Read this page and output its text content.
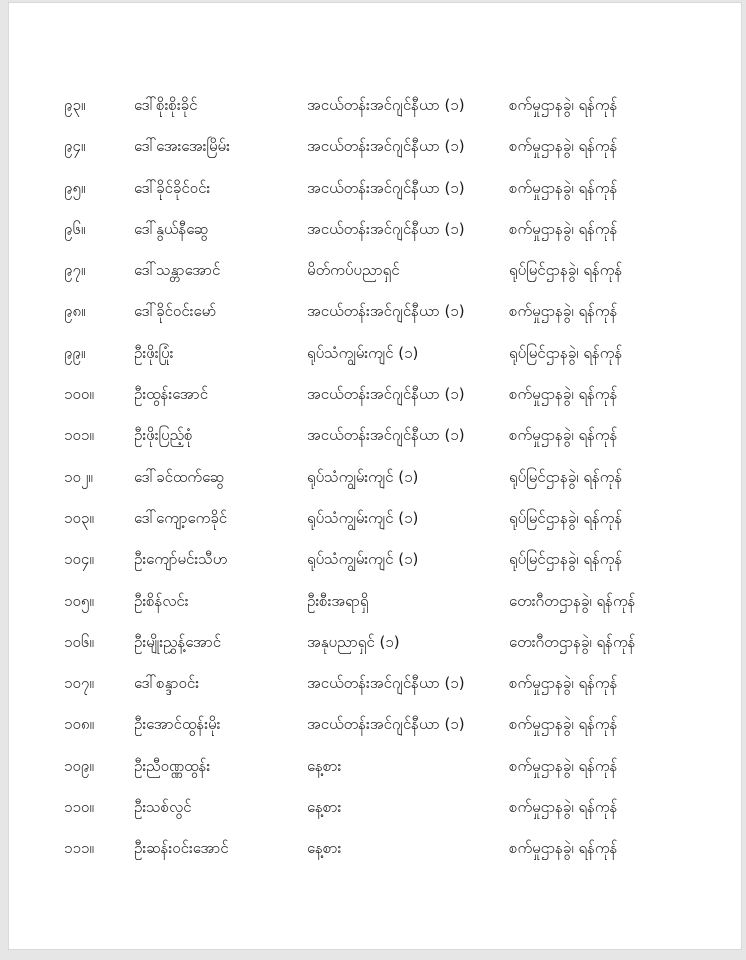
၉၃။	ဒေါ်စိုးစိုးခိုင်	အငယ်တန်းအင်ဂျင်နီယာ (၁)	စက်မှုဌာနခွဲ၊ ရန်ကုန်
၉၄။	ဒေါ်အေးအေးမြိမ်း	အငယ်တန်းအင်ဂျင်နီယာ (၁)	စက်မှုဌာနခွဲ၊ ရန်ကုန်
၉၅။	ဒေါ်ခိုင်ခိုင်ဝင်း	အငယ်တန်းအင်ဂျင်နီယာ (၁)	စက်မှုဌာနခွဲ၊ ရန်ကုန်
၉၆။	ဒေါ်နွယ်နီဆွေ	အငယ်တန်းအင်ဂျင်နီယာ (၁)	စက်မှုဌာနခွဲ၊ ရန်ကုန်
၉၇။	ဒေါ်သန္တာအောင်	မိတ်ကပ်ပညာရှင်	ရုပ်မြင်ဌာနခွဲ၊ ရန်ကုန်
၉၈။	ဒေါ်ခိုင်ဝင်းမော်	အငယ်တန်းအင်ဂျင်နီယာ (၁)	စက်မှုဌာနခွဲ၊ ရန်ကုန်
၉၉။	ဦးဖိုးပြုံး	ရုပ်သံကျွမ်းကျင် (၁)	ရုပ်မြင်ဌာနခွဲ၊ ရန်ကုန်
၁၀၀။	ဦးထွန်းအောင်	အငယ်တန်းအင်ဂျင်နီယာ (၁)	စက်မှုဌာနခွဲ၊ ရန်ကုန်
၁၀၁။	ဦးဖိုးပြည့်စုံ	အငယ်တန်းအင်ဂျင်နီယာ (၁)	စက်မှုဌာနခွဲ၊ ရန်ကုန်
၁၀၂။	ဒေါ်ခင်ထက်ဆွေ	ရုပ်သံကျွမ်းကျင် (၁)	ရုပ်မြင်ဌာနခွဲ၊ ရန်ကုန်
၁၀၃။	ဒေါ်ကျော့ကေခိုင်	ရုပ်သံကျွမ်းကျင် (၁)	ရုပ်မြင်ဌာနခွဲ၊ ရန်ကုန်
၁၀၄။	ဦးကျော်မင်းသီဟ	ရုပ်သံကျွမ်းကျင် (၁)	ရုပ်မြင်ဌာနခွဲ၊ ရန်ကုန်
၁၀၅။	ဦးစိန်လင်း	ဦးစီးအရာရှိ	တေးဂီတဌာနခွဲ၊ ရန်ကုန်
၁၀၆။	ဦးမျိုးညွှန့်အောင်	အနုပညာရှင် (၁)	တေးဂီတဌာနခွဲ၊ ရန်ကုန်
၁၀၇။	ဒေါ်စန္ဒာဝင်း	အငယ်တန်းအင်ဂျင်နီယာ (၁)	စက်မှုဌာနခွဲ၊ ရန်ကုန်
၁၀၈။	ဦးအောင်ထွန်းမိုး	အငယ်တန်းအင်ဂျင်နီယာ (၁)	စက်မှုဌာနခွဲ၊ ရန်ကုန်
၁၀၉။	ဦးညီဝဏ္ဏထွန်း	နေ့စား	စက်မှုဌာနခွဲ၊ ရန်ကုန်
၁၁၀။	ဦးသစ်လွင်	နေ့စား	စက်မှုဌာနခွဲ၊ ရန်ကုန်
၁၁၁။	ဦးဆန်းဝင်းအောင်	နေ့စား	စက်မှုဌာနခွဲ၊ ရန်ကုန်
